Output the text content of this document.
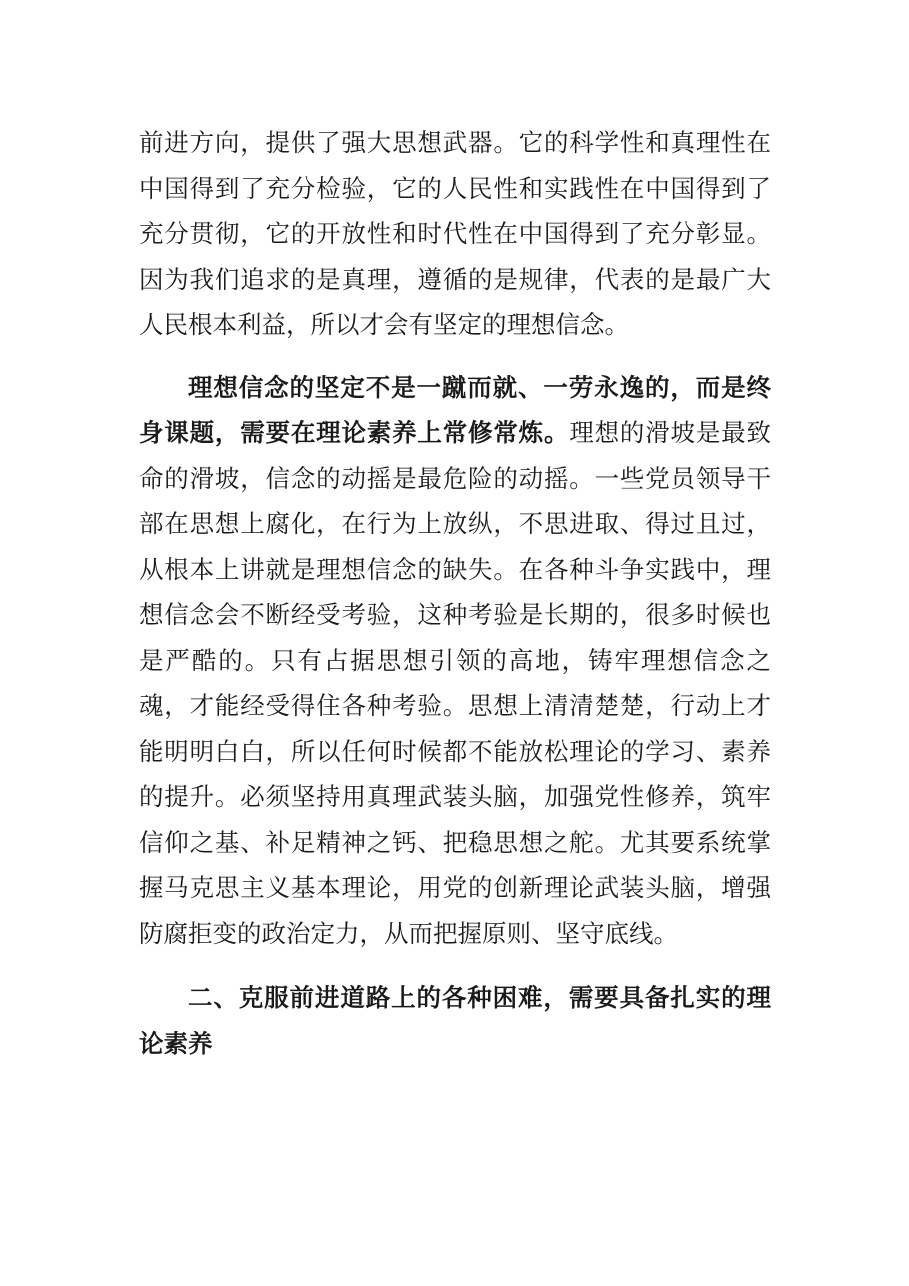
前进方向，提供了强大思想武器。它的科学性和真理性在中国得到了充分检验，它的人民性和实践性在中国得到了充分贯彻，它的开放性和时代性在中国得到了充分彰显。因为我们追求的是真理，遵循的是规律，代表的是最广大人民根本利益，所以才会有坚定的理想信念。

理想信念的坚定不是一蹴而就、一劳永逸的，而是终身课题，需要在理论素养上常修常炼。理想的滑坡是最致命的滑坡，信念的动摇是最危险的动摇。一些党员领导干部在思想上腐化，在行为上放纵，不思进取、得过且过，从根本上讲就是理想信念的缺失。在各种斗争实践中，理想信念会不断经受考验，这种考验是长期的，很多时候也是严酷的。只有占据思想引领的高地，铸牢理想信念之魂，才能经受得住各种考验。思想上清清楚楚，行动上才能明明白白，所以任何时候都不能放松理论的学习、素养的提升。必须坚持用真理武装头脑，加强党性修养，筑牢信仰之基、补足精神之钙、把稳思想之舵。尤其要系统掌握马克思主义基本理论，用党的创新理论武装头脑，增强防腐拒变的政治定力，从而把握原则、坚守底线。

二、克服前进道路上的各种困难，需要具备扎实的理论素养
